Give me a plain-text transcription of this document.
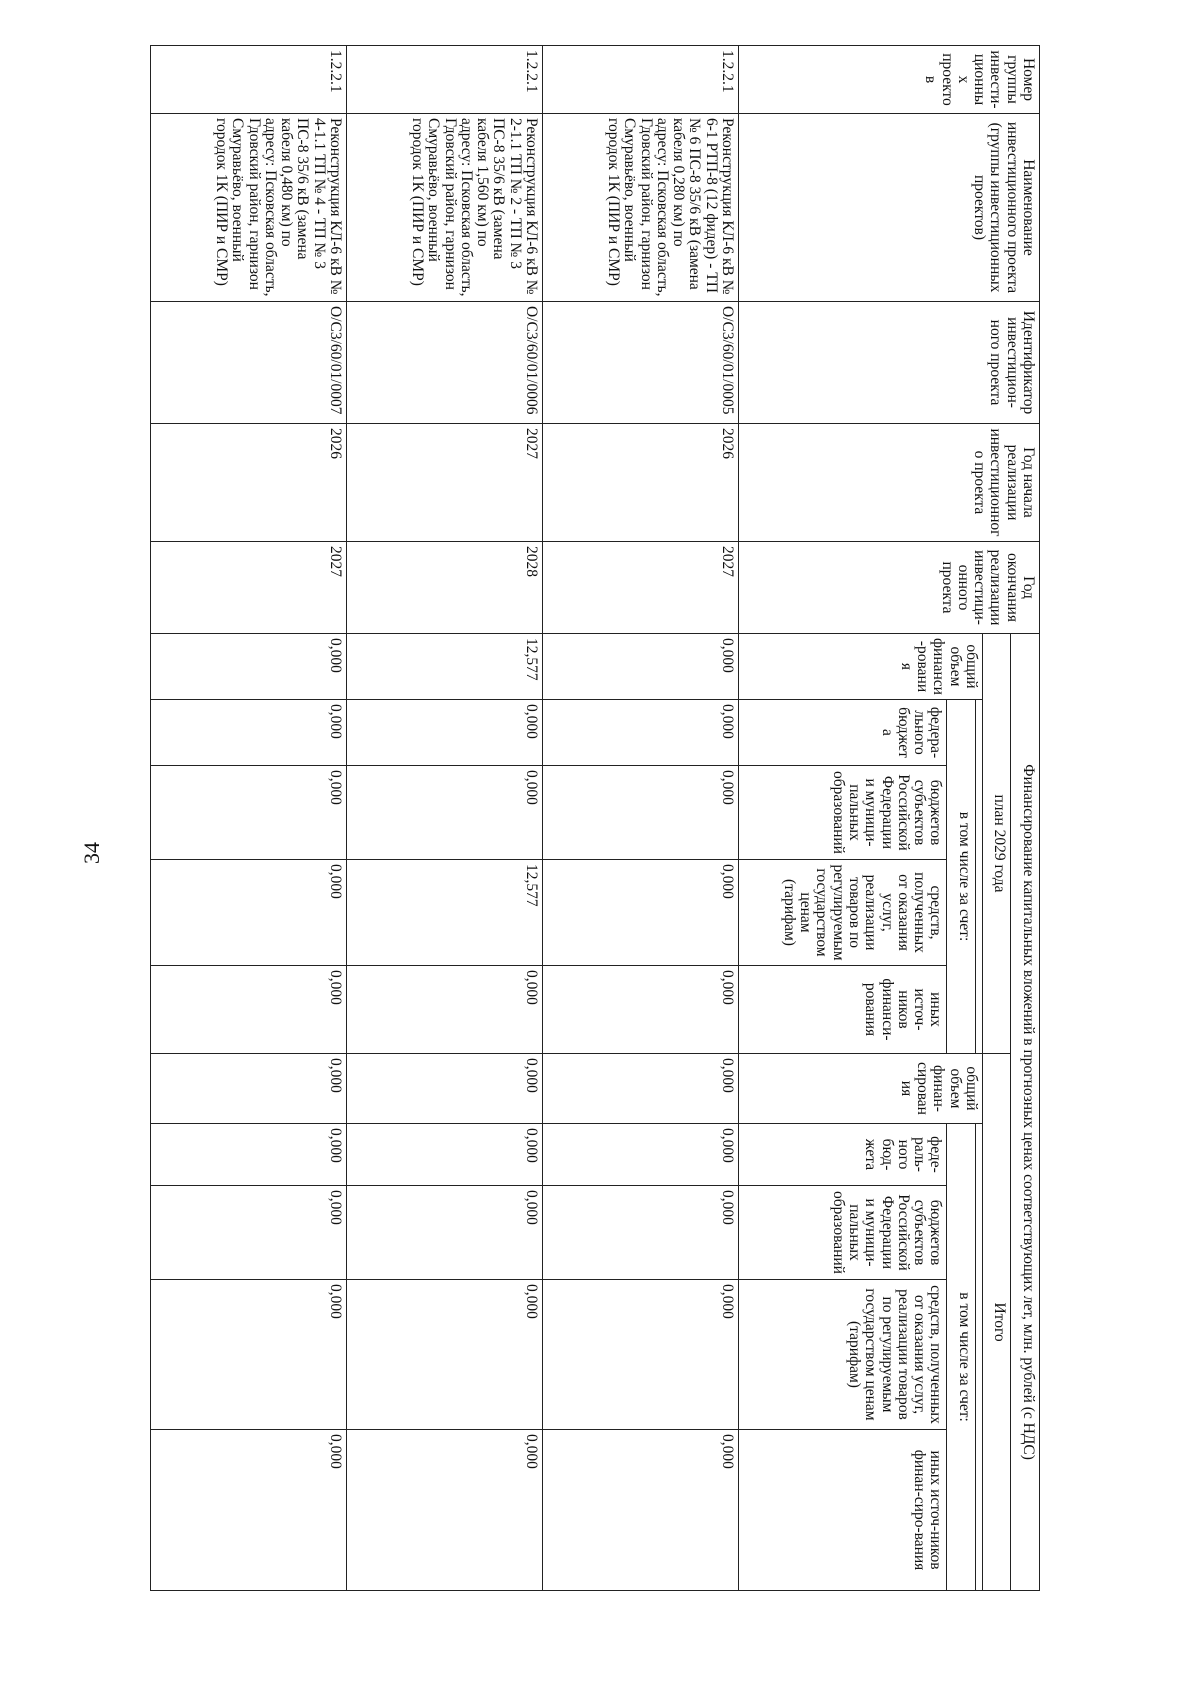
34
Номер группы инвести-ционных проектов	Наименование инвестиционного проекта (группы инвестиционных проектов)	Идентификатор инвестицион-ного проекта	Год начала реализации инвестиционного проекта	Год окончания реализации инвестици-онного проекта	Финансирование капитальных вложений в прогнозных ценах соответствующих лет, млн. рублей (с НДС)									
					план 2029 года					Итого				
					общий объем финанси-рования					общий объем финан-сирования				
						в том числе за счет:					в том числе за счет:			
						федера-льного бюджета	бюджетов субъектов Российской Федерации и муници-пальных образований	средств, полученных от оказания услуг, реализации товаров по регулируемым государством ценам (тарифам)	иных источ-ников финанси-рования		феде-раль-ного бюд-жета	бюджетов субъектов Российской Федерации и муници-пальных образований	средств, полученных от оказания услуг, реализации товаров по регулируемым государством ценам (тарифам)	иных источ-ников финан-сиро-вания
1.2.2.1	Реконструкция КЛ-6 кВ № 6-1 РТП-8 (12 фидер) - ТП № 6 ПС-8 35/6 кВ (замена кабеля 0,280 км) по адресу: Псковская область, Гдовский район, гарнизон Смуравьёво, военный городок 1К (ПИР и СМР)	О/С3/60/01/0005	2026	2027	0,000	0,000	0,000	0,000	0,000	0,000	0,000	0,000	0,000	0,000
1.2.2.1	Реконструкция КЛ-6 кВ № 2-1.1 ТП № 2 - ТП № 3 ПС-8 35/6 кВ (замена кабеля 1,560 км) по адресу: Псковская область, Гдовский район, гарнизон Смуравьёво, военный городок 1К (ПИР и СМР)	О/С3/60/01/0006	2027	2028	12,577	0,000	0,000	12,577	0,000	0,000	0,000	0,000	0,000	0,000
1.2.2.1	Реконструкция КЛ-6 кВ № 4-1.1 ТП № 4 - ТП № 3 ПС-8 35/6 кВ (замена кабеля 0,480 км) по адресу: Псковская область, Гдовский район, гарнизон Смуравьёво, военный городок 1К (ПИР и СМР)	О/С3/60/01/0007	2026	2027	0,000	0,000	0,000	0,000	0,000	0,000	0,000	0,000	0,000	0,000
